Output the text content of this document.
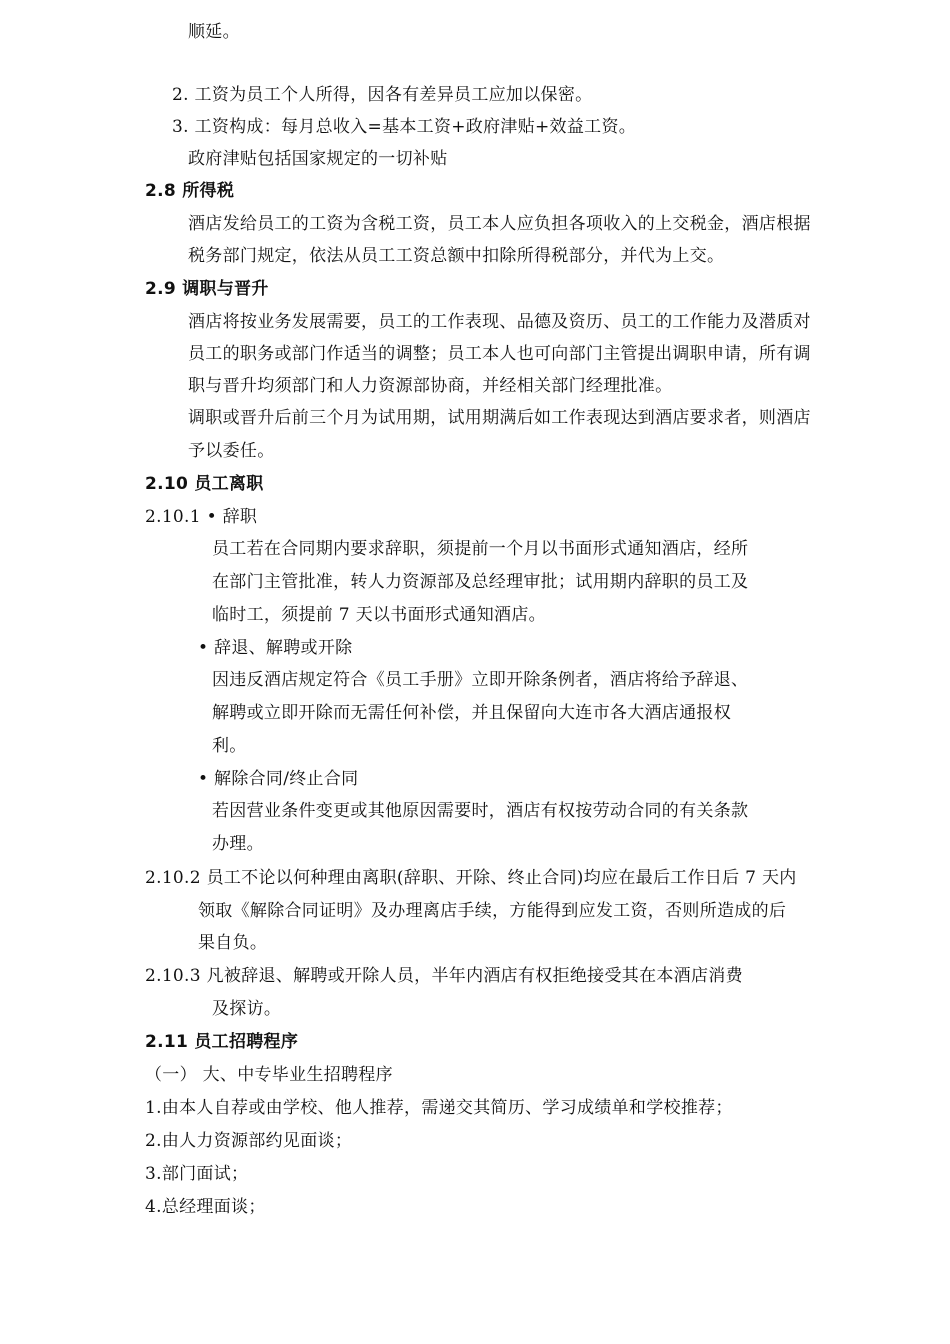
顺延。
2. 工资为员工个人所得，因各有差异员工应加以保密。
3. 工资构成：每月总收入=基本工资+政府津贴+效益工资。
政府津贴包括国家规定的一切补贴
2.8 所得税
酒店发给员工的工资为含税工资，员工本人应负担各项收入的上交税金，酒店根据
税务部门规定，依法从员工工资总额中扣除所得税部分，并代为上交。
2.9 调职与晋升
酒店将按业务发展需要，员工的工作表现、品德及资历、员工的工作能力及潜质对
员工的职务或部门作适当的调整；员工本人也可向部门主管提出调职申请，所有调
职与晋升均须部门和人力资源部协商，并经相关部门经理批准。
调职或晋升后前三个月为试用期，试用期满后如工作表现达到酒店要求者，则酒店
予以委任。
2.10 员工离职
2.10.1 • 辞职
员工若在合同期内要求辞职，须提前一个月以书面形式通知酒店，经所
在部门主管批准，转人力资源部及总经理审批；试用期内辞职的员工及
临时工，须提前 7 天以书面形式通知酒店。
• 辞退、解聘或开除
因违反酒店规定符合《员工手册》立即开除条例者，酒店将给予辞退、
解聘或立即开除而无需任何补偿，并且保留向大连市各大酒店通报权
利。
• 解除合同/终止合同
若因营业条件变更或其他原因需要时，酒店有权按劳动合同的有关条款
办理。
2.10.2 员工不论以何种理由离职(辞职、开除、终止合同)均应在最后工作日后 7 天内
领取《解除合同证明》及办理离店手续，方能得到应发工资，否则所造成的后
果自负。
2.10.3 凡被辞退、解聘或开除人员，半年内酒店有权拒绝接受其在本酒店消费
及探访。
2.11 员工招聘程序
（一） 大、中专毕业生招聘程序
1.由本人自荐或由学校、他人推荐，需递交其简历、学习成绩单和学校推荐；
2.由人力资源部约见面谈；
3.部门面试；
4.总经理面谈；
